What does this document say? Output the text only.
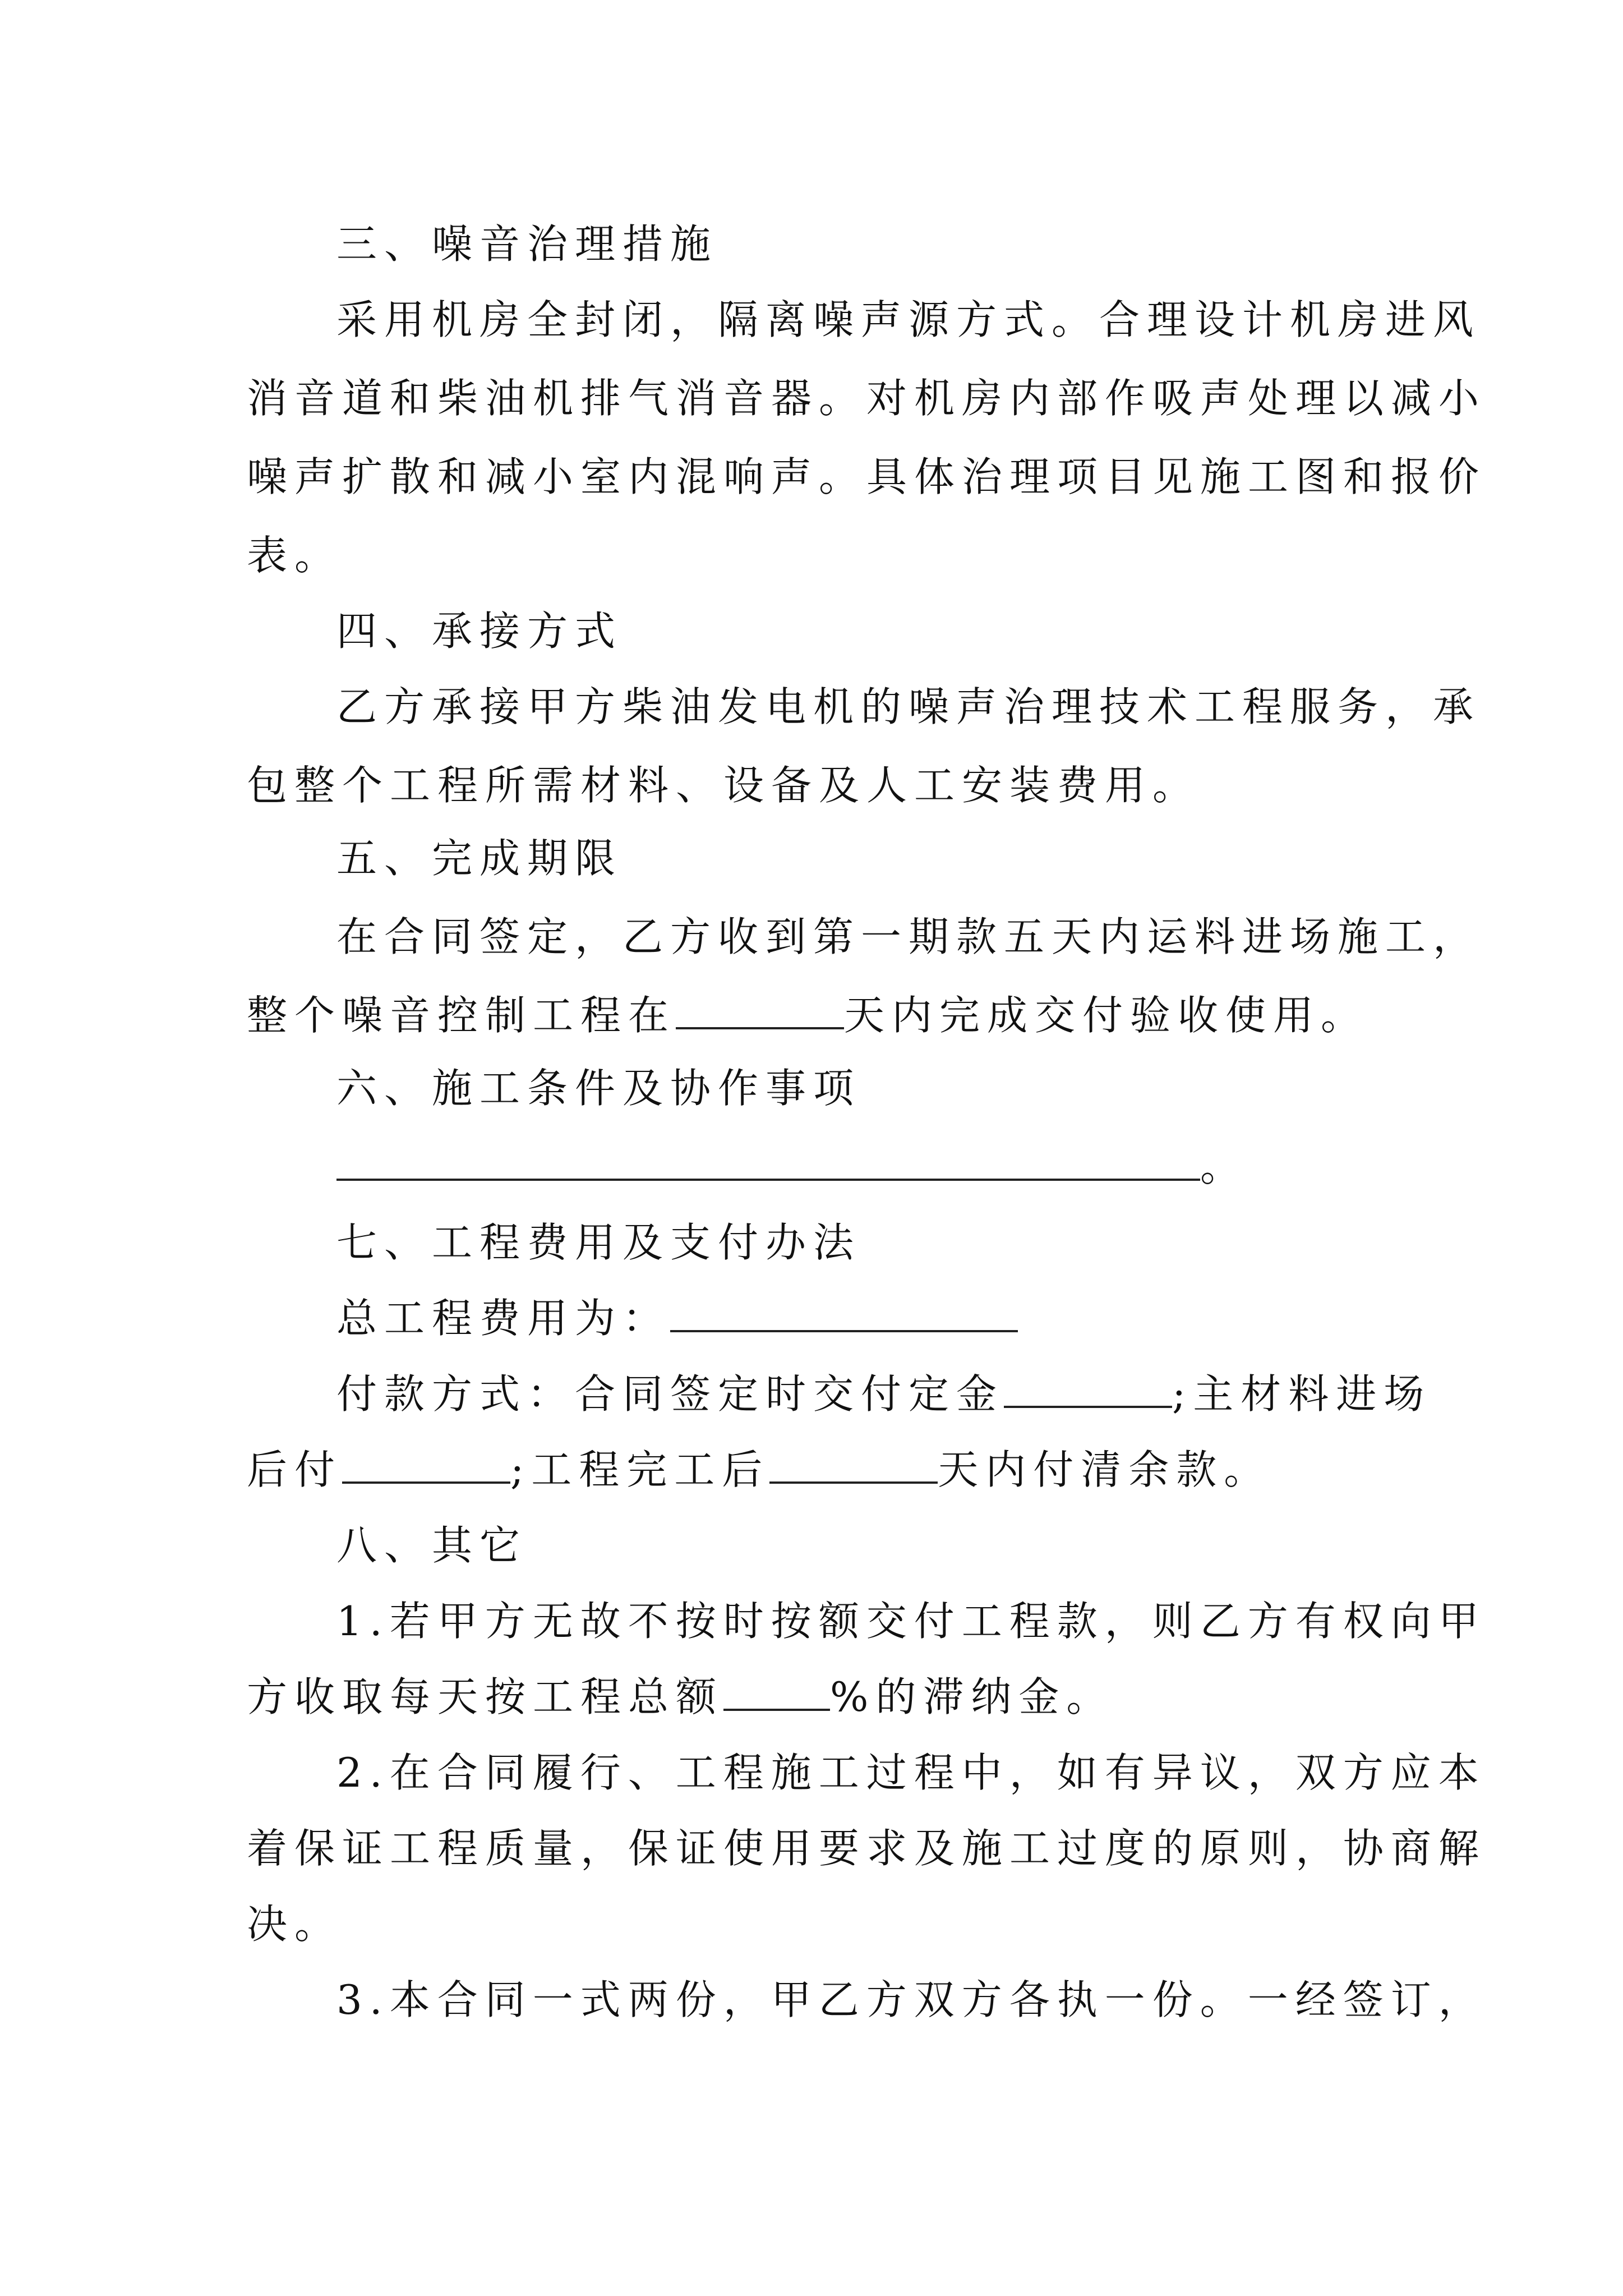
三、噪音治理措施

采用机房全封闭，隔离噪声源方式。合理设计机房进风

消音道和柴油机排气消音器。对机房内部作吸声处理以减小

噪声扩散和减小室内混响声。具体治理项目见施工图和报价

表。

四、承接方式

乙方承接甲方柴油发电机的噪声治理技术工程服务，承

包整个工程所需材料、设备及人工安装费用。

五、完成期限

在合同签定，乙方收到第一期款五天内运料进场施工，

整个噪音控制工程在	天内完成交付验收使用。

六、施工条件及协作事项

。

七、工程费用及支付办法

总工程费用为：

付款方式：合同签定时交付定金	;主材料进场

后付	;工程完工后	天内付清余款。

八、其它

1.若甲方无故不按时按额交付工程款，则乙方有权向甲

方收取每天按工程总额	%的滞纳金。

2.在合同履行、工程施工过程中，如有异议，双方应本

着保证工程质量，保证使用要求及施工过度的原则，协商解

决。

3.本合同一式两份，甲乙方双方各执一份。一经签订，
